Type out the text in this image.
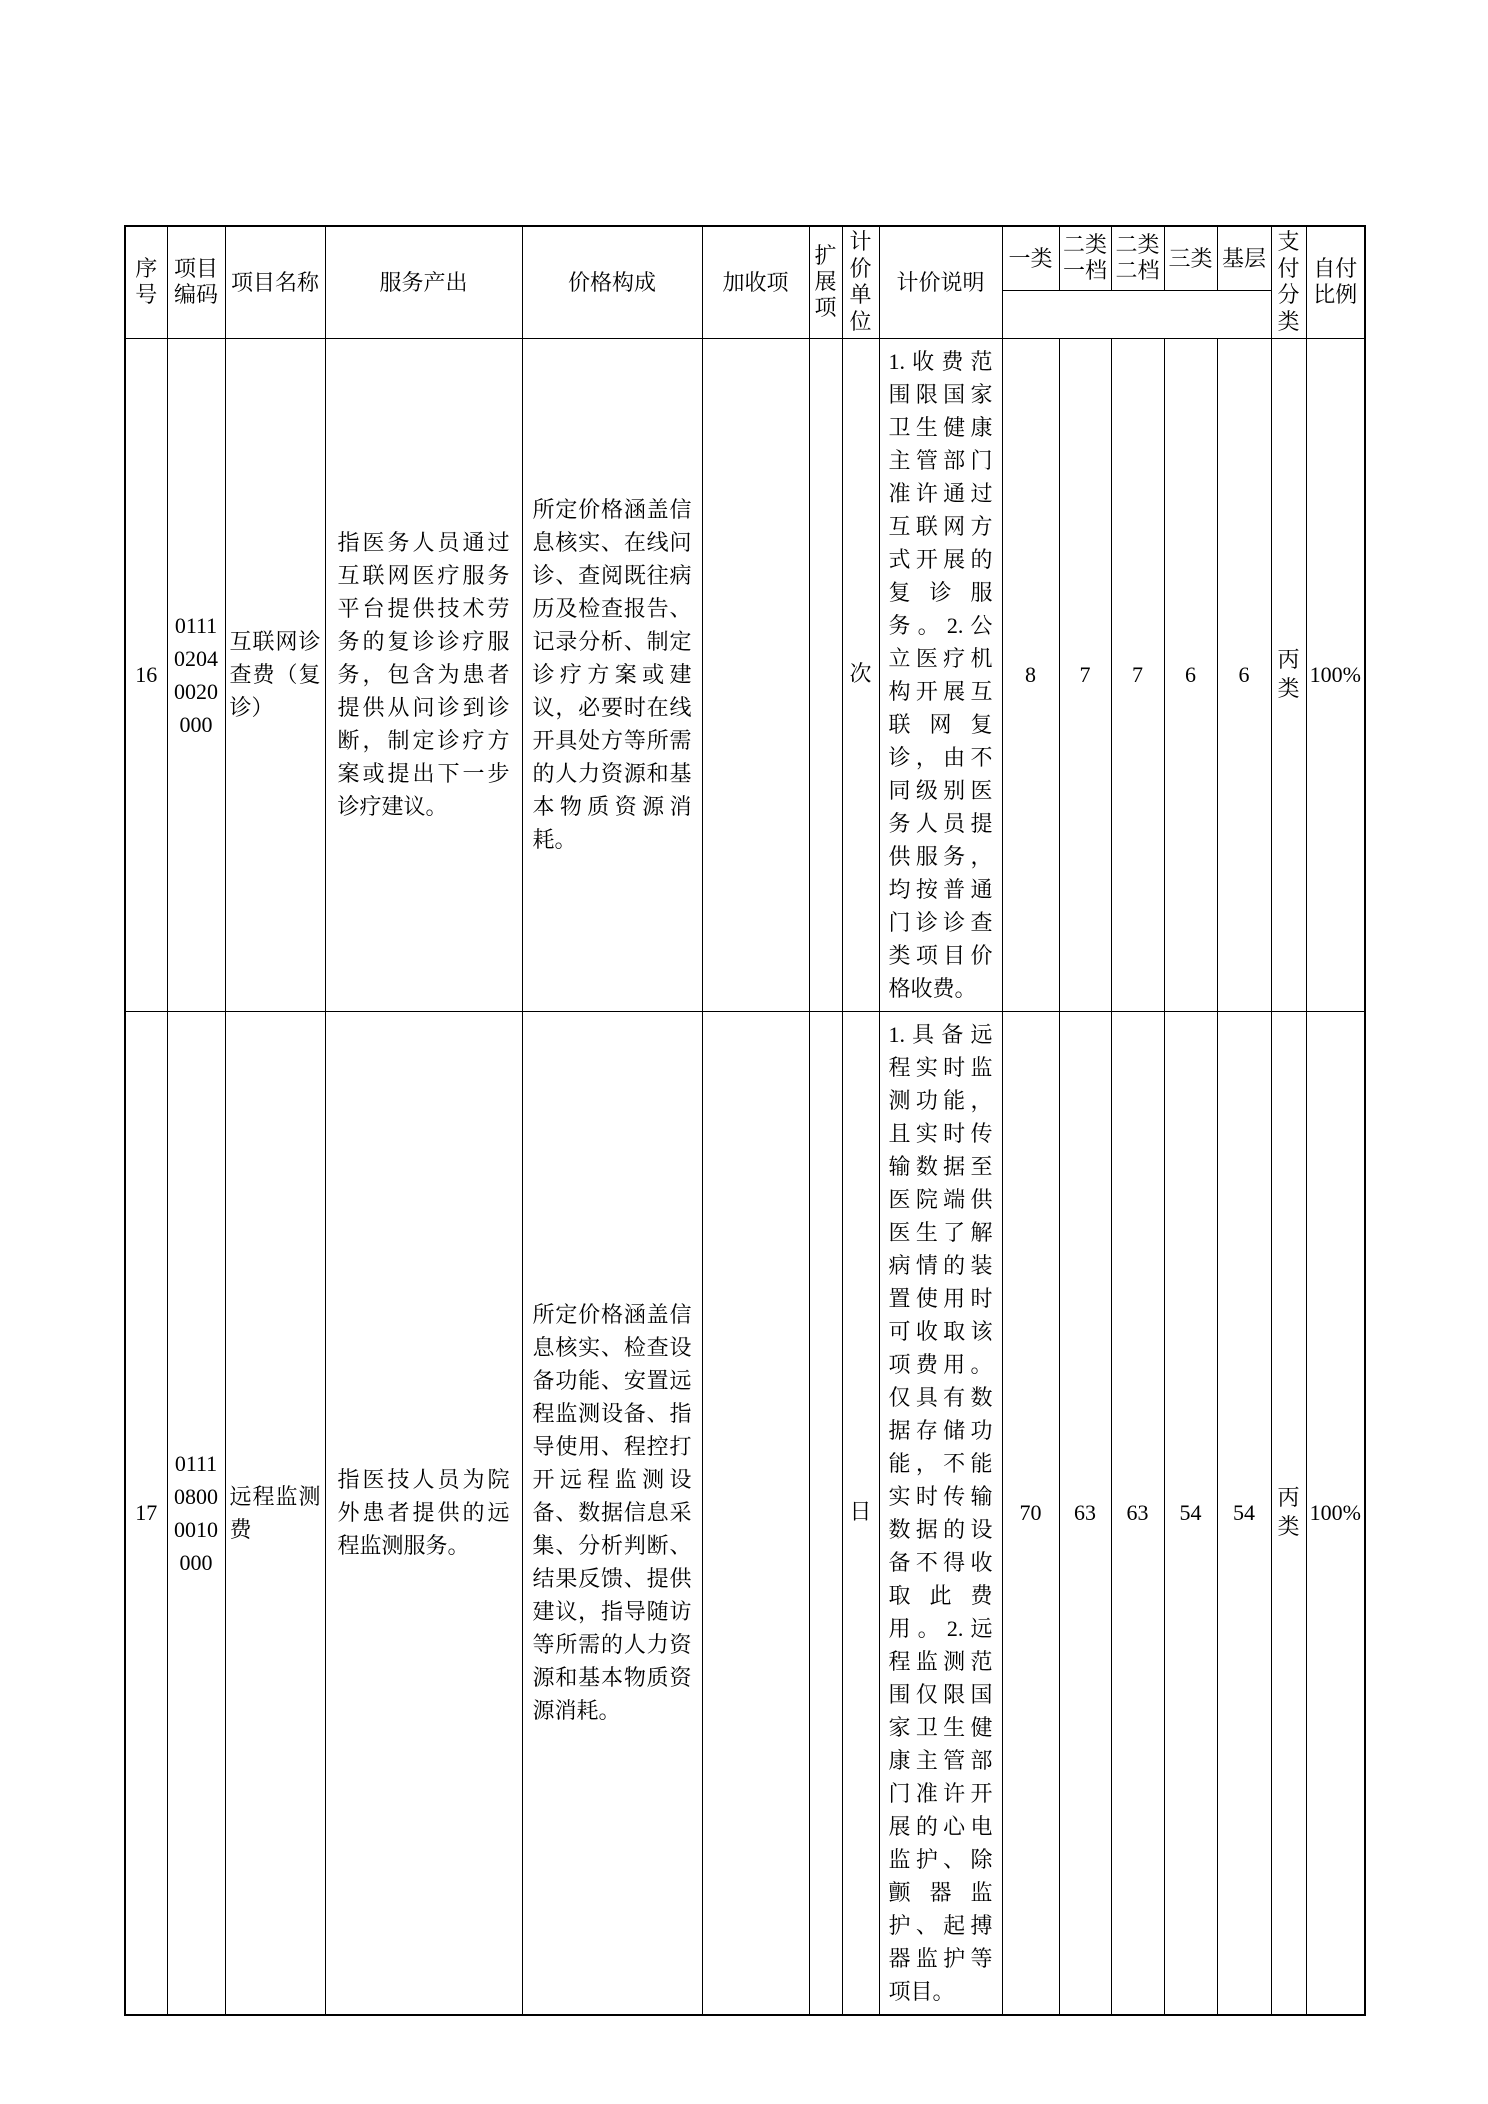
序号	项目编码	项目名称	服务产出	价格构成	加收项	扩展项	计价单位	计价说明	一类	二类一档	二类二档	三类	基层	支付分类	自付比例

16	0111 0204 0020 000	互联网诊查费（复诊）	指医务人员通过互联网医疗服务平台提供技术劳务的复诊诊疗服务，包含为患者提供从问诊到诊断，制定诊疗方案或提出下一步诊疗建议。	所定价格涵盖信息核实、在线问诊、查阅既往病历及检查报告、记录分析、制定诊疗方案或建议，必要时在线开具处方等所需的人力资源和基本物质资源消耗。			次	1.收费范围限国家卫生健康主管部门准许通过互联网方式开展的复诊服务。2.公立医疗机构开展互联网复诊，由不同级别医务人员提供服务，均按普通门诊诊查类项目价格收费。	8	7	7	6	6	丙类	100%
17	0111 0800 0010 000	远程监测费	指医技人员为院外患者提供的远程监测服务。	所定价格涵盖信息核实、检查设备功能、安置远程监测设备、指导使用、程控打开远程监测设备、数据信息采集、分析判断、结果反馈、提供建议，指导随访等所需的人力资源和基本物质资源消耗。			日	1.具备远程实时监测功能，且实时传输数据至医院端供医生了解病情的装置使用时可收取该项费用。仅具有数据存储功能，不能实时传输数据的设备不得收取此费用。2.远程监测范围仅限国家卫生健康主管部门准许开展的心电监护、除颤器监护、起搏器监护等项目。	70	63	63	54	54	丙类	100%
